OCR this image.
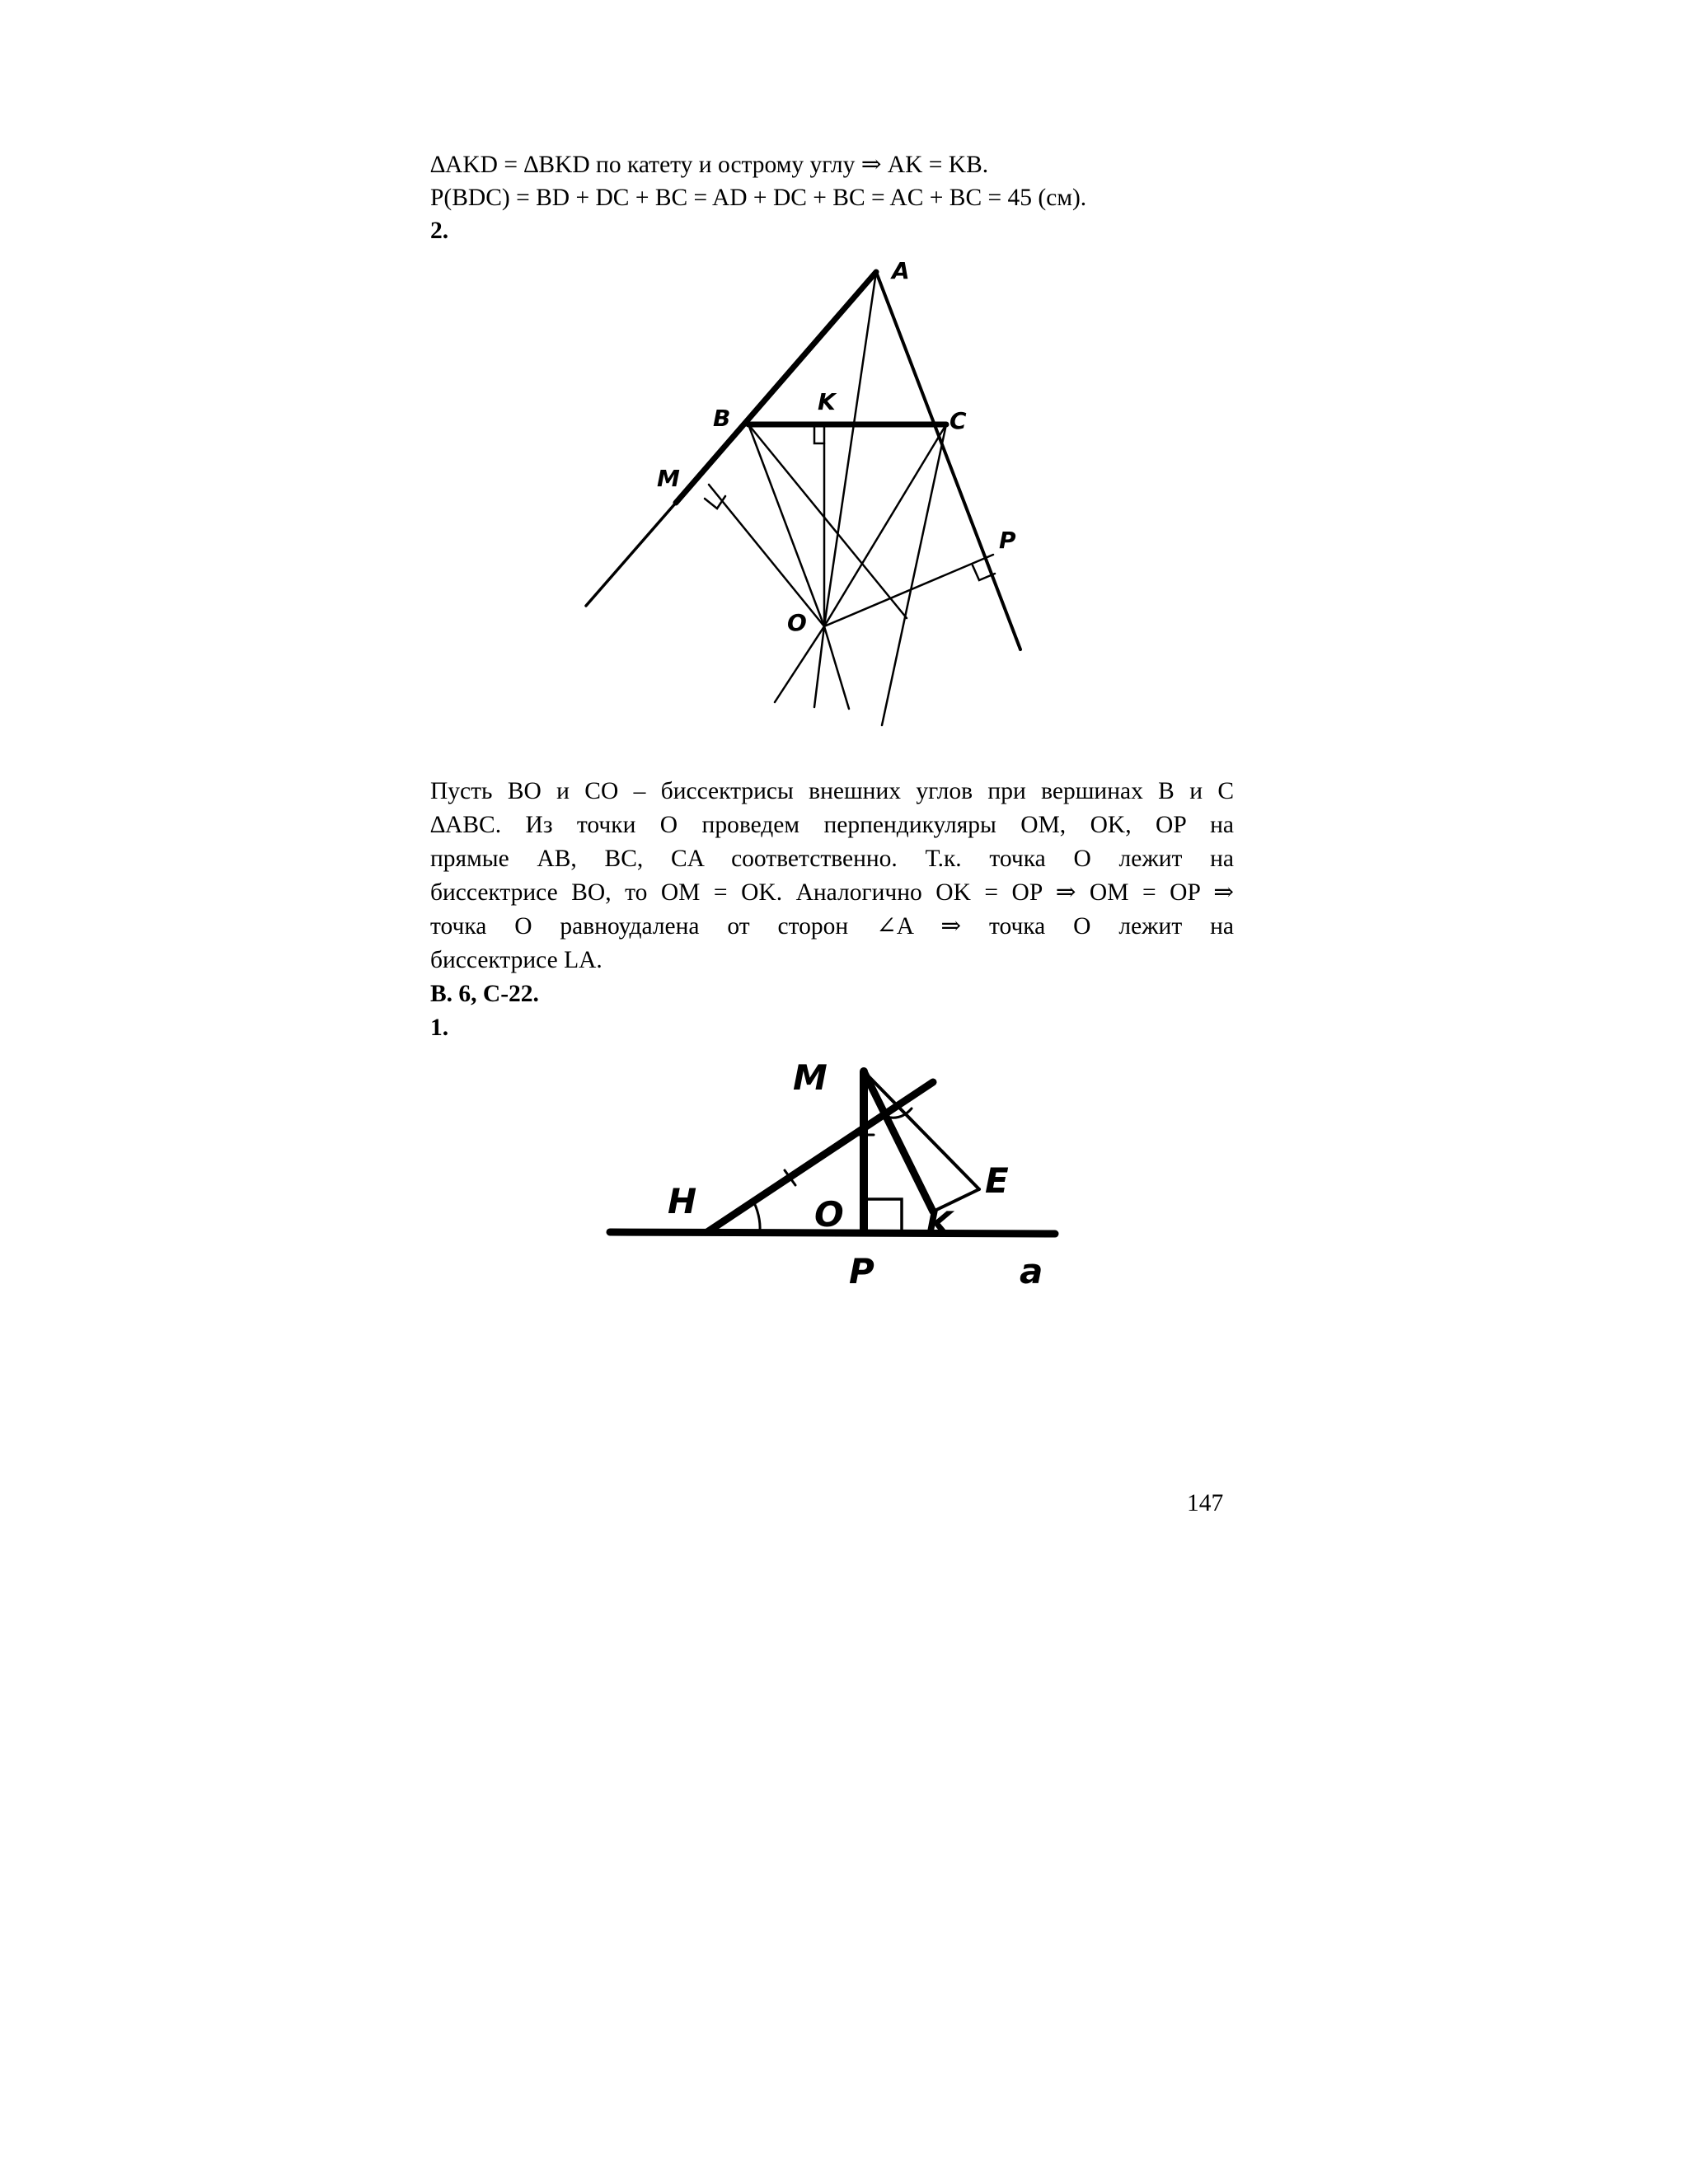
∆AKD = ∆BKD по катету и острому углу ⇒ AK = KB.
P(BDC) = BD + DC + BC = AD + DC + BC = AC + BC = 45 (см).
2.
A
B
K
C
M
P
O
Пусть BO и CO – биссектрисы внешних углов при вершинах B и C
∆ABC. Из точки O проведем перпендикуляры OM, OK, OP на
прямые AB, BC, CA соответственно. Т.к. точка O лежит на
биссектрисе BO, то OM = OK. Аналогично OK = OP ⇒ OM = OP ⇒
точка O равноудалена от сторон ∠A ⇒ точка O лежит на
биссектрисе LA.
В. 6, С-22.
1.
M
E
O K
H
P	a
147
